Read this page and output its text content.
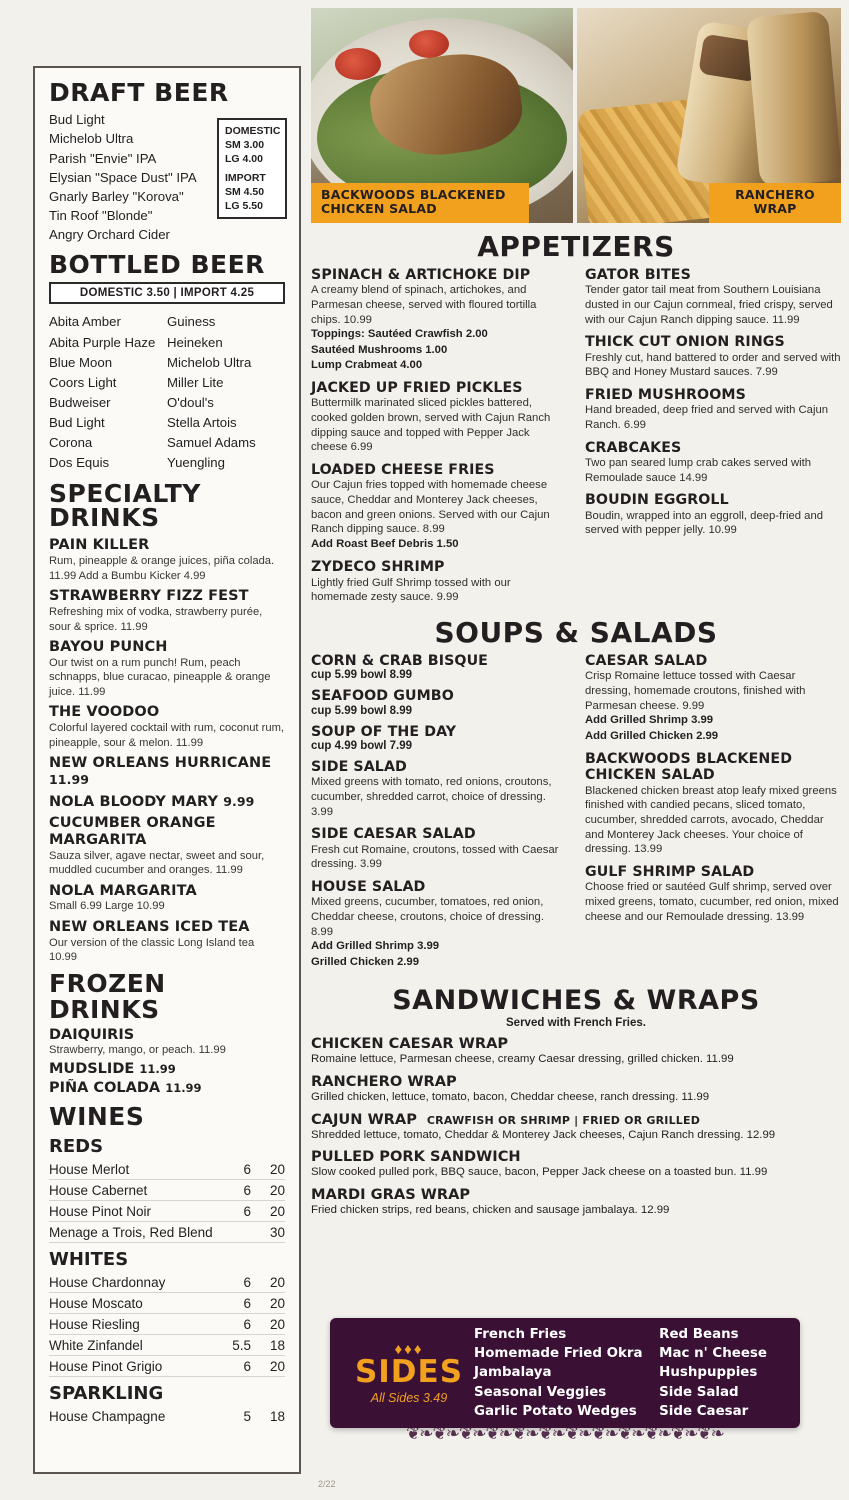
DRAFT BEER
Bud Light
Michelob Ultra
Parish "Envie" IPA
Elysian "Space Dust" IPA
Gnarly Barley "Korova"
Tin Roof "Blonde"
Angry Orchard Cider
DOMESTIC
SM 3.00
LG 4.00
IMPORT
SM 4.50
LG 5.50
BOTTLED BEER
DOMESTIC 3.50 | IMPORT 4.25
Abita Amber
Abita Purple Haze
Blue Moon
Coors Light
Budweiser
Bud Light
Corona
Dos Equis
Guiness
Heineken
Michelob Ultra
Miller Lite
O'doul's
Stella Artois
Samuel Adams
Yuengling
SPECIALTY
DRINKS
PAIN KILLER
Rum, pineapple & orange juices, piña colada. 11.99 Add a Bumbu Kicker 4.99
STRAWBERRY FIZZ FEST
Refreshing mix of vodka, strawberry purée, sour & sprice. 11.99
BAYOU PUNCH
Our twist on a rum punch! Rum, peach schnapps, blue curacao, pineapple & orange juice. 11.99
THE VOODOO
Colorful layered cocktail with rum, coconut rum, pineapple, sour & melon. 11.99
NEW ORLEANS HURRICANE 11.99
NOLA BLOODY MARY 9.99
CUCUMBER ORANGE MARGARITA
Sauza silver, agave nectar, sweet and sour, muddled cucumber and oranges. 11.99
NOLA MARGARITA
Small 6.99 Large 10.99
NEW ORLEANS ICED TEA
Our version of the classic Long Island tea 10.99
FROZEN DRINKS
DAIQUIRIS
Strawberry, mango, or peach. 11.99
MUDSLIDE 11.99
PIÑA COLADA 11.99
WINES
REDS
House Merlot	6	20
House Cabernet	6	20
House Pinot Noir	6	20
Menage a Trois, Red Blend	30
WHITES
House Chardonnay	6	20
House Moscato	6	20
House Riesling	6	20
White Zinfandel	5.5	18
House Pinot Grigio	6	20
SPARKLING
House Champagne	5	18
BACKWOODS BLACKENED CHICKEN SALAD
RANCHERO WRAP
APPETIZERS
SPINACH & ARTICHOKE DIP
A creamy blend of spinach, artichokes, and Parmesan cheese, served with floured tortilla chips. 10.99
Toppings: Sautéed Crawfish 2.00
Sautéed Mushrooms 1.00
Lump Crabmeat 4.00
JACKED UP FRIED PICKLES
Buttermilk marinated sliced pickles battered, cooked golden brown, served with Cajun Ranch dipping sauce and topped with Pepper Jack cheese 6.99
LOADED CHEESE FRIES
Our Cajun fries topped with homemade cheese sauce, Cheddar and Monterey Jack cheeses, bacon and green onions. Served with our Cajun Ranch dipping sauce. 8.99
Add Roast Beef Debris 1.50
ZYDECO SHRIMP
Lightly fried Gulf Shrimp tossed with our homemade zesty sauce. 9.99
GATOR BITES
Tender gator tail meat from Southern Louisiana dusted in our Cajun cornmeal, fried crispy, served with our Cajun Ranch dipping sauce. 11.99
THICK CUT ONION RINGS
Freshly cut, hand battered to order and served with BBQ and Honey Mustard sauces. 7.99
FRIED MUSHROOMS
Hand breaded, deep fried and served with Cajun Ranch. 6.99
CRABCAKES
Two pan seared lump crab cakes served with Remoulade sauce 14.99
BOUDIN EGGROLL
Boudin, wrapped into an eggroll, deep-fried and served with pepper jelly. 10.99
SOUPS & SALADS
CORN & CRAB BISQUE
cup 5.99 bowl 8.99
SEAFOOD GUMBO
cup 5.99 bowl 8.99
SOUP OF THE DAY
cup 4.99 bowl 7.99
SIDE SALAD
Mixed greens with tomato, red onions, croutons, cucumber, shredded carrot, choice of dressing. 3.99
SIDE CAESAR SALAD
Fresh cut Romaine, croutons, tossed with Caesar dressing. 3.99
HOUSE SALAD
Mixed greens, cucumber, tomatoes, red onion, Cheddar cheese, croutons, choice of dressing. 8.99
Add Grilled Shrimp 3.99
Grilled Chicken 2.99
CAESAR SALAD
Crisp Romaine lettuce tossed with Caesar dressing, homemade croutons, finished with Parmesan cheese. 9.99
Add Grilled Shrimp 3.99
Add Grilled Chicken 2.99
BACKWOODS BLACKENED CHICKEN SALAD
Blackened chicken breast atop leafy mixed greens finished with candied pecans, sliced tomato, cucumber, shredded carrots, avocado, Cheddar and Monterey Jack cheeses. Your choice of dressing. 13.99
GULF SHRIMP SALAD
Choose fried or sautéed Gulf shrimp, served over mixed greens, tomato, cucumber, red onion, mixed cheese and our Remoulade dressing. 13.99
SANDWICHES & WRAPS
Served with French Fries.
CHICKEN CAESAR WRAP
Romaine lettuce, Parmesan cheese, creamy Caesar dressing, grilled chicken. 11.99
RANCHERO WRAP
Grilled chicken, lettuce, tomato, bacon, Cheddar cheese, ranch dressing. 11.99
CAJUN WRAP CRAWFISH OR SHRIMP | FRIED OR GRILLED
Shredded lettuce, tomato, Cheddar & Monterey Jack cheeses, Cajun Ranch dressing. 12.99
PULLED PORK SANDWICH
Slow cooked pulled pork, BBQ sauce, bacon, Pepper Jack cheese on a toasted bun. 11.99
MARDI GRAS WRAP
Fried chicken strips, red beans, chicken and sausage jambalaya. 12.99
♦♦♦
SIDES
All Sides 3.49
French Fries
Homemade Fried Okra
Jambalaya
Seasonal Veggies
Garlic Potato Wedges
Red Beans
Mac n' Cheese
Hushpuppies
Side Salad
Side Caesar
❦❧❦❧❦❧❦❧❦❧❦❧❦❧❦❧❦❧❦❧❦❧❦❧
2/22
